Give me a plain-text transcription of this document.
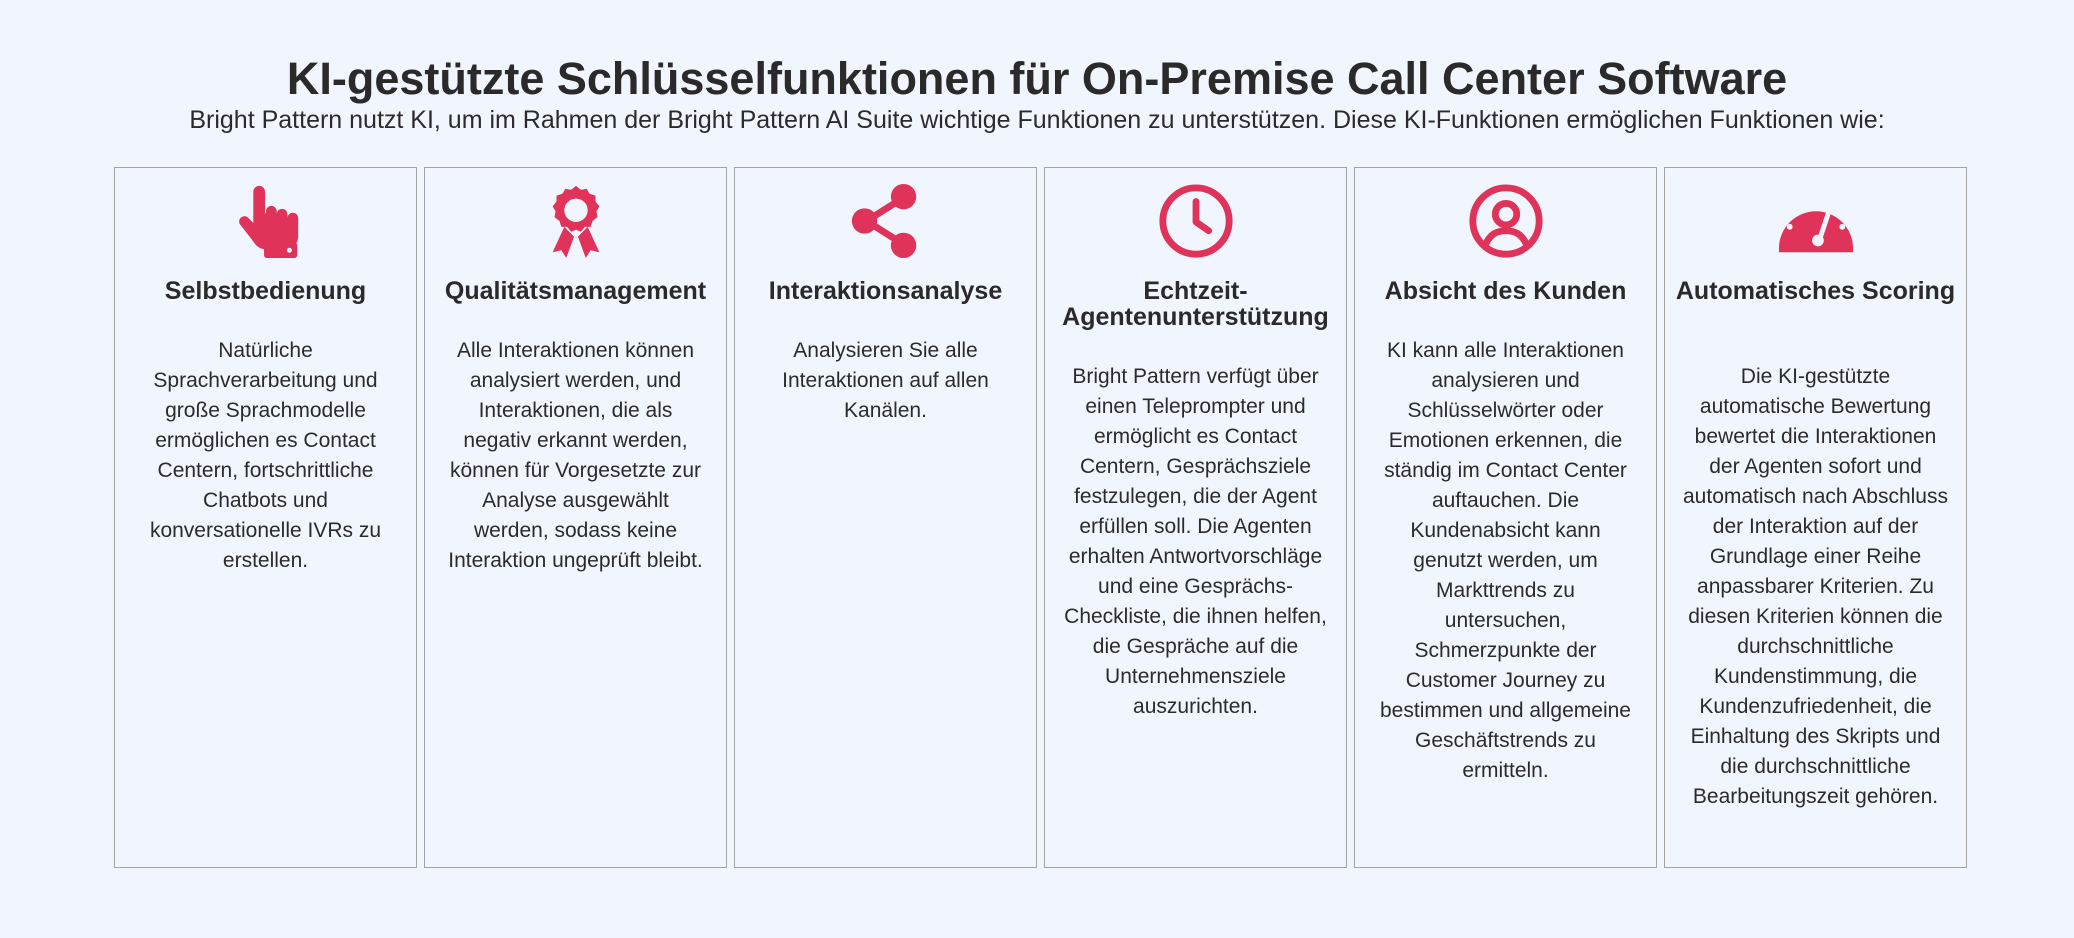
KI-gestützte Schlüsselfunktionen für On-Premise Call Center Software

Bright Pattern nutzt KI, um im Rahmen der Bright Pattern AI Suite wichtige Funktionen zu unterstützen. Diese KI-Funktionen ermöglichen Funktionen wie:

Selbstbedienung
Natürliche Sprachverarbeitung und große Sprachmodelle ermöglichen es Contact Centern, fortschrittliche Chatbots und konversationelle IVRs zu erstellen.
Qualitätsmanagement
Alle Interaktionen können analysiert werden, und Interaktionen, die als negativ erkannt werden, können für Vorgesetzte zur Analyse ausgewählt werden, sodass keine Interaktion ungeprüft bleibt.
Interaktionsanalyse
Analysieren Sie alle Interaktionen auf allen Kanälen.
Echtzeit-Agentenunterstützung
Bright Pattern verfügt über einen Teleprompter und ermöglicht es Contact Centern, Gesprächsziele festzulegen, die der Agent erfüllen soll. Die Agenten erhalten Antwortvorschläge und eine Gesprächs-Checkliste, die ihnen helfen, die Gespräche auf die Unternehmensziele auszurichten.
Absicht des Kunden
KI kann alle Interaktionen analysieren und Schlüsselwörter oder Emotionen erkennen, die ständig im Contact Center auftauchen. Die Kundenabsicht kann genutzt werden, um Markttrends zu untersuchen, Schmerzpunkte der Customer Journey zu bestimmen und allgemeine Geschäftstrends zu ermitteln.
Automatisches Scoring
Die KI-gestützte automatische Bewertung bewertet die Interaktionen der Agenten sofort und automatisch nach Abschluss der Interaktion auf der Grundlage einer Reihe anpassbarer Kriterien. Zu diesen Kriterien können die durchschnittliche Kundenstimmung, die Kundenzufriedenheit, die Einhaltung des Skripts und die durchschnittliche Bearbeitungszeit gehören.
